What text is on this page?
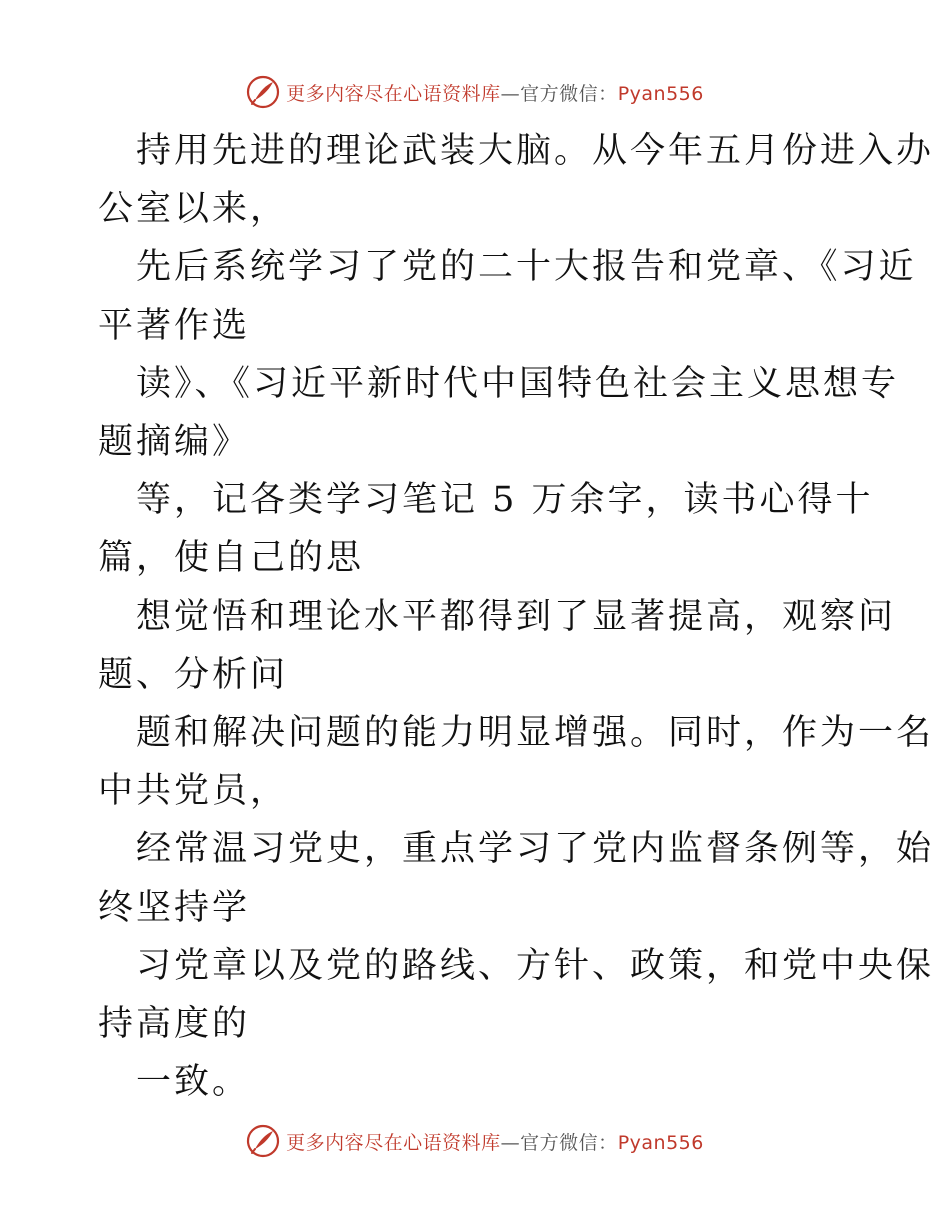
更多内容尽在心语资料库—官方微信：Pyan556
持用先进的理论武装大脑。从今年五月份进入办
公室以来，
先后系统学习了党的二十大报告和党章、《习近
平著作选
读》、《习近平新时代中国特色社会主义思想专
题摘编》
等，记各类学习笔记 5 万余字，读书心得十
篇，使自己的思
想觉悟和理论水平都得到了显著提高，观察问
题、分析问
题和解决问题的能力明显增强。同时，作为一名
中共党员，
经常温习党史，重点学习了党内监督条例等，始
终坚持学
习党章以及党的路线、方针、政策，和党中央保
持高度的
一致。
更多内容尽在心语资料库—官方微信：Pyan556
